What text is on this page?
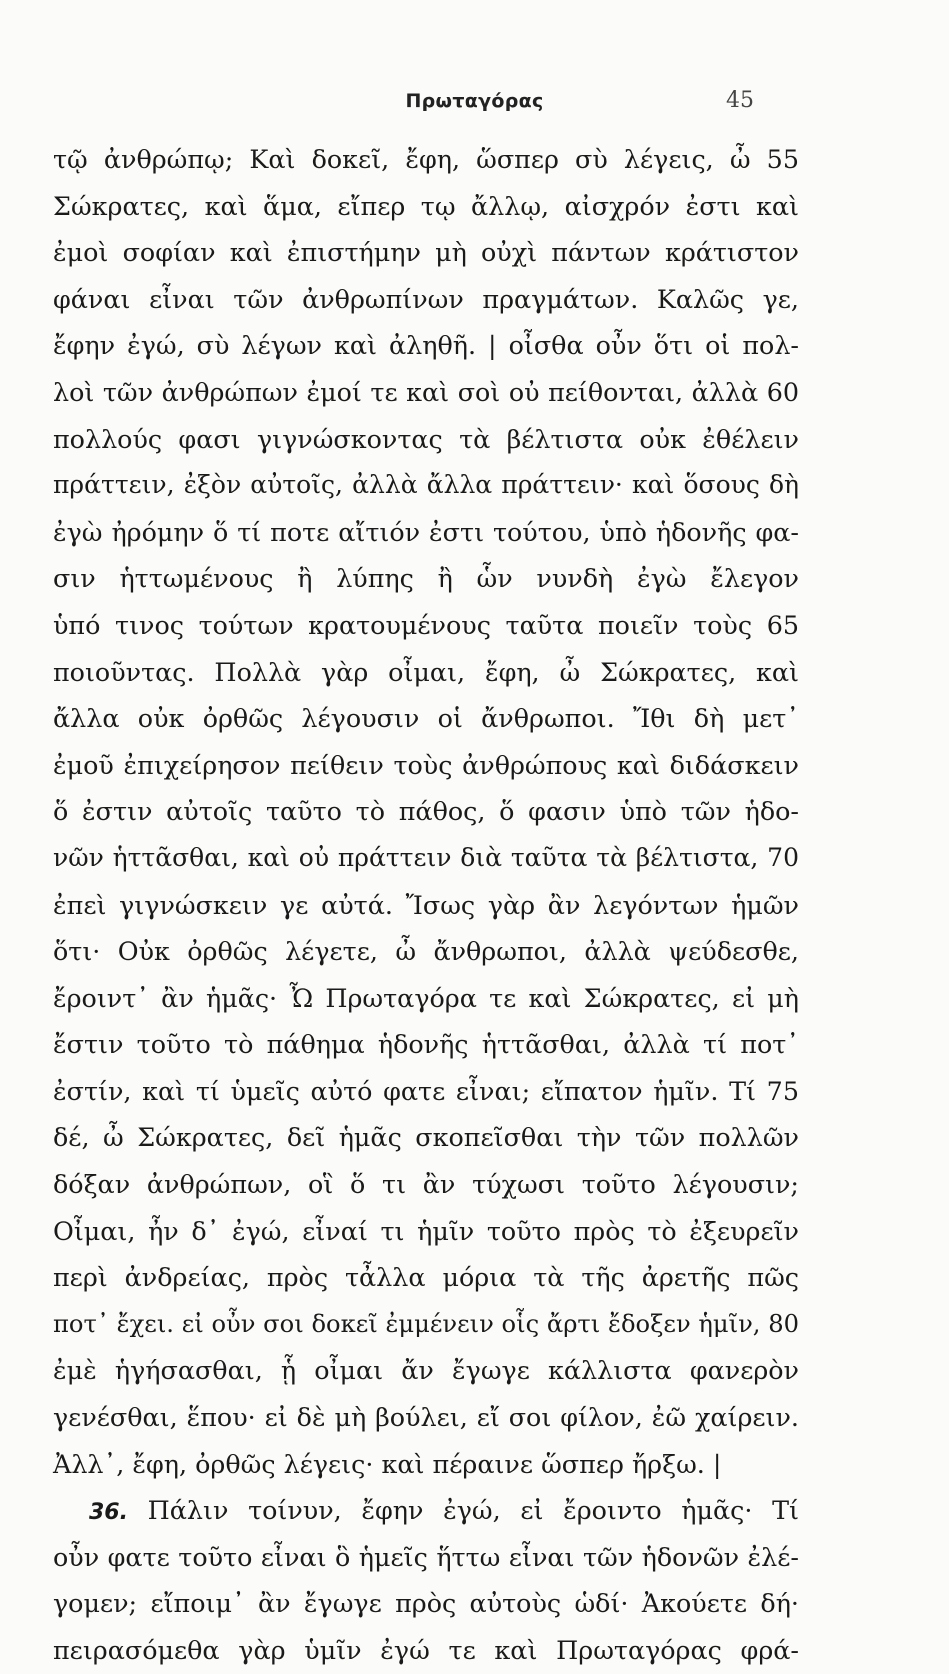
Πρωταγόρας	45
τῷ ἀνθρώπῳ; Καὶ δοκεῖ, ἔφη, ὥσπερ σὺ λέγεις, ὦ 55
Σώκρατες, καὶ ἅμα, εἴπερ τῳ ἄλλῳ, αἰσχρόν ἐστι καὶ
ἐμοὶ σοφίαν καὶ ἐπιστήμην μὴ οὐχὶ πάντων κράτιστον
φάναι εἶναι τῶν ἀνθρωπίνων πραγμάτων. Καλῶς γε,
ἔφην ἐγώ, σὺ λέγων καὶ ἀληθῆ. | οἶσθα οὖν ὅτι οἱ πολ-
λοὶ τῶν ἀνθρώπων ἐμοί τε καὶ σοὶ οὐ πείθονται, ἀλλὰ 60
πολλούς φασι γιγνώσκοντας τὰ βέλτιστα οὐκ ἐθέλειν
πράττειν, ἐξὸν αὐτοῖς, ἀλλὰ ἄλλα πράττειν· καὶ ὅσους δὴ
ἐγὼ ἠρόμην ὅ τί ποτε αἴτιόν ἐστι τούτου, ὑπὸ ἡδονῆς φα-
σιν ἡττωμένους ἢ λύπης ἢ ὧν νυνδὴ ἐγὼ ἔλεγον
ὑπό τινος τούτων κρατουμένους ταῦτα ποιεῖν τοὺς 65
ποιοῦντας. Πολλὰ γὰρ οἶμαι, ἔφη, ὦ Σώκρατες, καὶ
ἄλλα οὐκ ὀρθῶς λέγουσιν οἱ ἄνθρωποι. Ἴθι δὴ μετ᾽
ἐμοῦ ἐπιχείρησον πείθειν τοὺς ἀνθρώπους καὶ διδάσκειν
ὅ ἐστιν αὐτοῖς ταῦτο τὸ πάθος, ὅ φασιν ὑπὸ τῶν ἡδο-
νῶν ἡττᾶσθαι, καὶ οὐ πράττειν διὰ ταῦτα τὰ βέλτιστα, 70
ἐπεὶ γιγνώσκειν γε αὐτά. Ἴσως γὰρ ἂν λεγόντων ἡμῶν
ὅτι· Οὐκ ὀρθῶς λέγετε, ὦ ἄνθρωποι, ἀλλὰ ψεύδεσθε,
ἔροιντ᾽ ἂν ἡμᾶς· Ὦ Πρωταγόρα τε καὶ Σώκρατες, εἰ μὴ
ἔστιν τοῦτο τὸ πάθημα ἡδονῆς ἡττᾶσθαι, ἀλλὰ τί ποτ᾽
ἐστίν, καὶ τί ὑμεῖς αὐτό φατε εἶναι; εἴπατον ἡμῖν. Τί 75
δέ, ὦ Σώκρατες, δεῖ ἡμᾶς σκοπεῖσθαι τὴν τῶν πολλῶν
δόξαν ἀνθρώπων, οἳ ὅ τι ἂν τύχωσι τοῦτο λέγουσιν;
Οἶμαι, ἦν δ᾽ ἐγώ, εἶναί τι ἡμῖν τοῦτο πρὸς τὸ ἐξευρεῖν
περὶ ἀνδρείας, πρὸς τἆλλα μόρια τὰ τῆς ἀρετῆς πῶς
ποτ᾽ ἔχει. εἰ οὖν σοι δοκεῖ ἐμμένειν οἷς ἄρτι ἔδοξεν ἡμῖν, 80
ἐμὲ ἡγήσασθαι, ᾗ οἶμαι ἄν ἔγωγε κάλλιστα φανερὸν
γενέσθαι, ἕπου· εἰ δὲ μὴ βούλει, εἴ σοι φίλον, ἐῶ χαίρειν.
Ἀλλ᾽, ἔφη, ὀρθῶς λέγεις· καὶ πέραινε ὥσπερ ἤρξω. |
36. Πάλιν τοίνυν, ἔφην ἐγώ, εἰ ἔροιντο ἡμᾶς· Τί
οὖν φατε τοῦτο εἶναι ὃ ἡμεῖς ἥττω εἶναι τῶν ἡδονῶν ἐλέ-
γομεν; εἴποιμ᾽ ἂν ἔγωγε πρὸς αὐτοὺς ὡδί· Ἀκούετε δή·
πειρασόμεθα γὰρ ὑμῖν ἐγώ τε καὶ Πρωταγόρας φρά-
